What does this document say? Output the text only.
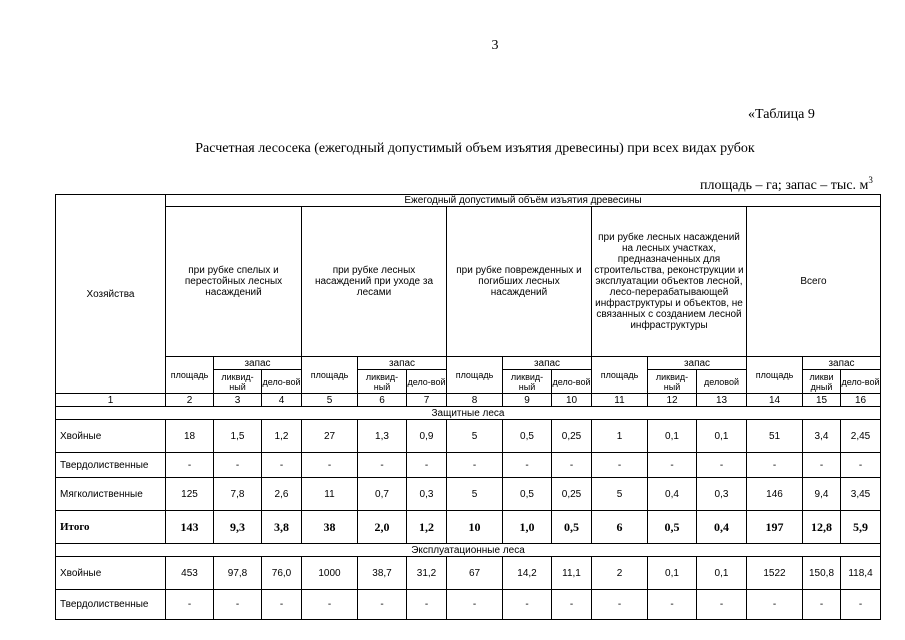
3
«Таблица 9
Расчетная лесосека (ежегодный допустимый объем изъятия древесины) при всех видах рубок
площадь – га; запас – тыс. $м^3$
Хозяйства	Ежегодный допустимый объём изъятия древесины														

	при рубке спелых и перестойных лесных насаждений			при рубке лесных насаждений при уходе за лесами			при рубке поврежденных и погибших лесных насаждений			при рубке лесных насаждений на лесных участках, предназначенных для строительства, реконструкции и эксплуатации объектов лесной, лесо-перерабатывающей инфраструктуры и объектов, не связанных с созданием лесной инфраструктуры			Всего		

	площадь	запас		площадь	запас		площадь	запас		площадь	запас		площадь	запас	
		ликвид-ный	дело-вой		ликвид-ный	дело-вой		ликвид-ный	дело-вой		ликвид-ный	деловой		ликви дный	дело-вой
1	2	3	4	5	6	7	8	9	10	11	12	13	14	15	16
Защитные леса															
Хвойные	18	1,5	1,2	27	1,3	0,9	5	0,5	0,25	1	0,1	0,1	51	3,4	2,45
Твердолиственные	-	-	-	-	-	-	-	-	-	-	-	-	-	-	-
Мягколиственные	125	7,8	2,6	11	0,7	0,3	5	0,5	0,25	5	0,4	0,3	146	9,4	3,45
Итого	143	9,3	3,8	38	2,0	1,2	10	1,0	0,5	6	0,5	0,4	197	12,8	5,9
Эксплуатационные леса															
Хвойные	453	97,8	76,0	1000	38,7	31,2	67	14,2	11,1	2	0,1	0,1	1522	150,8	118,4
Твердолиственные	-	-	-	-	-	-	-	-	-	-	-	-	-	-	-
